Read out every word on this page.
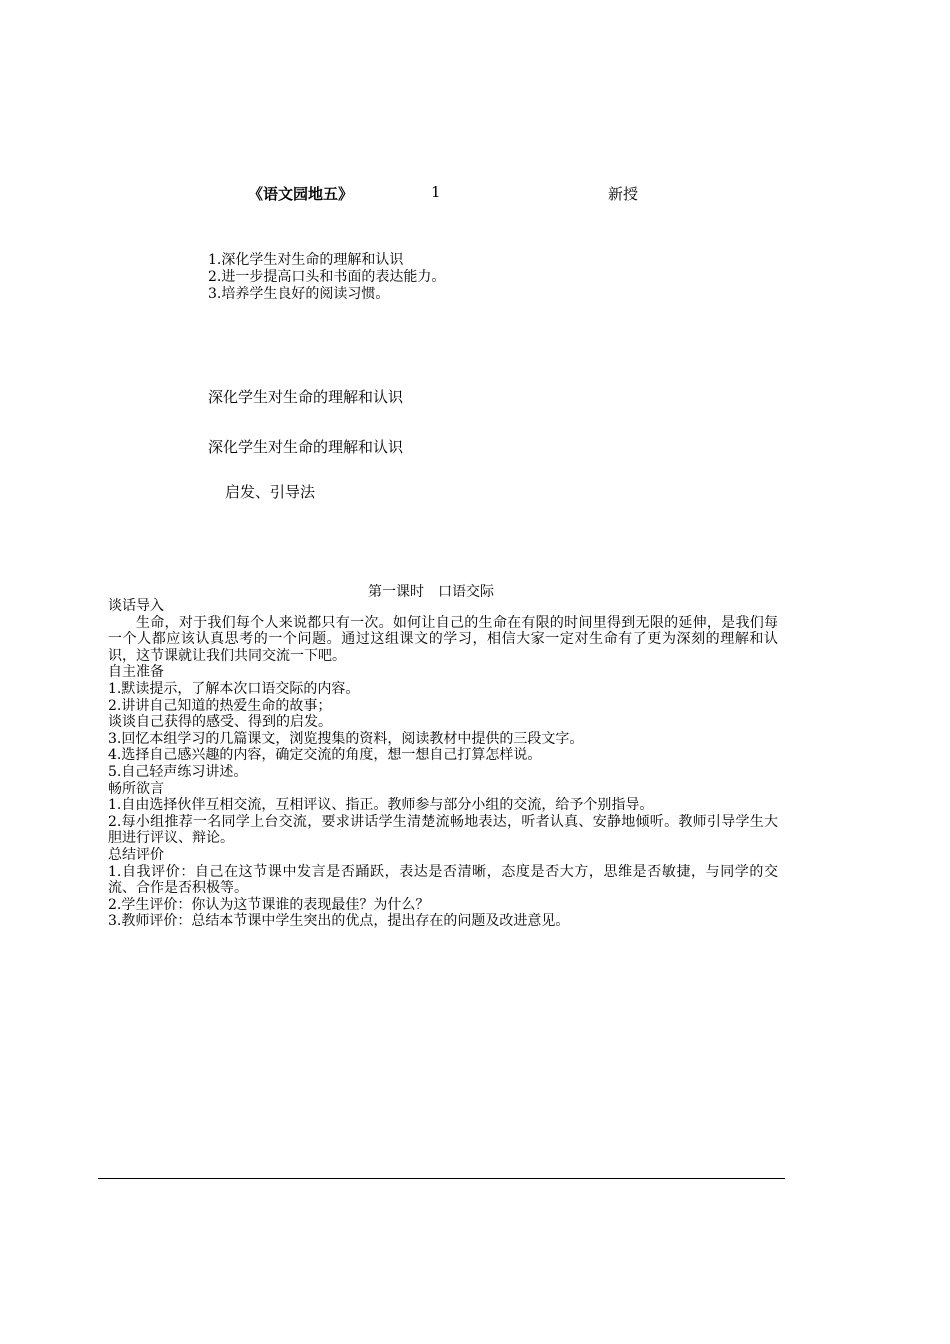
《语文园地五》	1	新授
1.深化学生对生命的理解和认识
2.进一步提高口头和书面的表达能力。
3.培养学生良好的阅读习惯。
深化学生对生命的理解和认识
深化学生对生命的理解和认识
启发、引导法
第一课时　口语交际
谈话导入
生命，对于我们每个人来说都只有一次。如何让自己的生命在有限的时间里得到无限的延伸，是我们每一个人都应该认真思考的一个问题。通过这组课文的学习，相信大家一定对生命有了更为深刻的理解和认识，这节课就让我们共同交流一下吧。
自主准备
1.默读提示，了解本次口语交际的内容。
2.讲讲自己知道的热爱生命的故事；
谈谈自己获得的感受、得到的启发。
3.回忆本组学习的几篇课文，浏览搜集的资料，阅读教材中提供的三段文字。
4.选择自己感兴趣的内容，确定交流的角度，想一想自己打算怎样说。
5.自己轻声练习讲述。
畅所欲言
1.自由选择伙伴互相交流，互相评议、指正。教师参与部分小组的交流，给予个别指导。
2.每小组推荐一名同学上台交流，要求讲话学生清楚流畅地表达，听者认真、安静地倾听。教师引导学生大胆进行评议、辩论。
总结评价
1.自我评价：自己在这节课中发言是否踊跃，表达是否清晰，态度是否大方，思维是否敏捷，与同学的交流、合作是否积极等。
2.学生评价：你认为这节课谁的表现最佳？为什么？
3.教师评价：总结本节课中学生突出的优点，提出存在的问题及改进意见。
